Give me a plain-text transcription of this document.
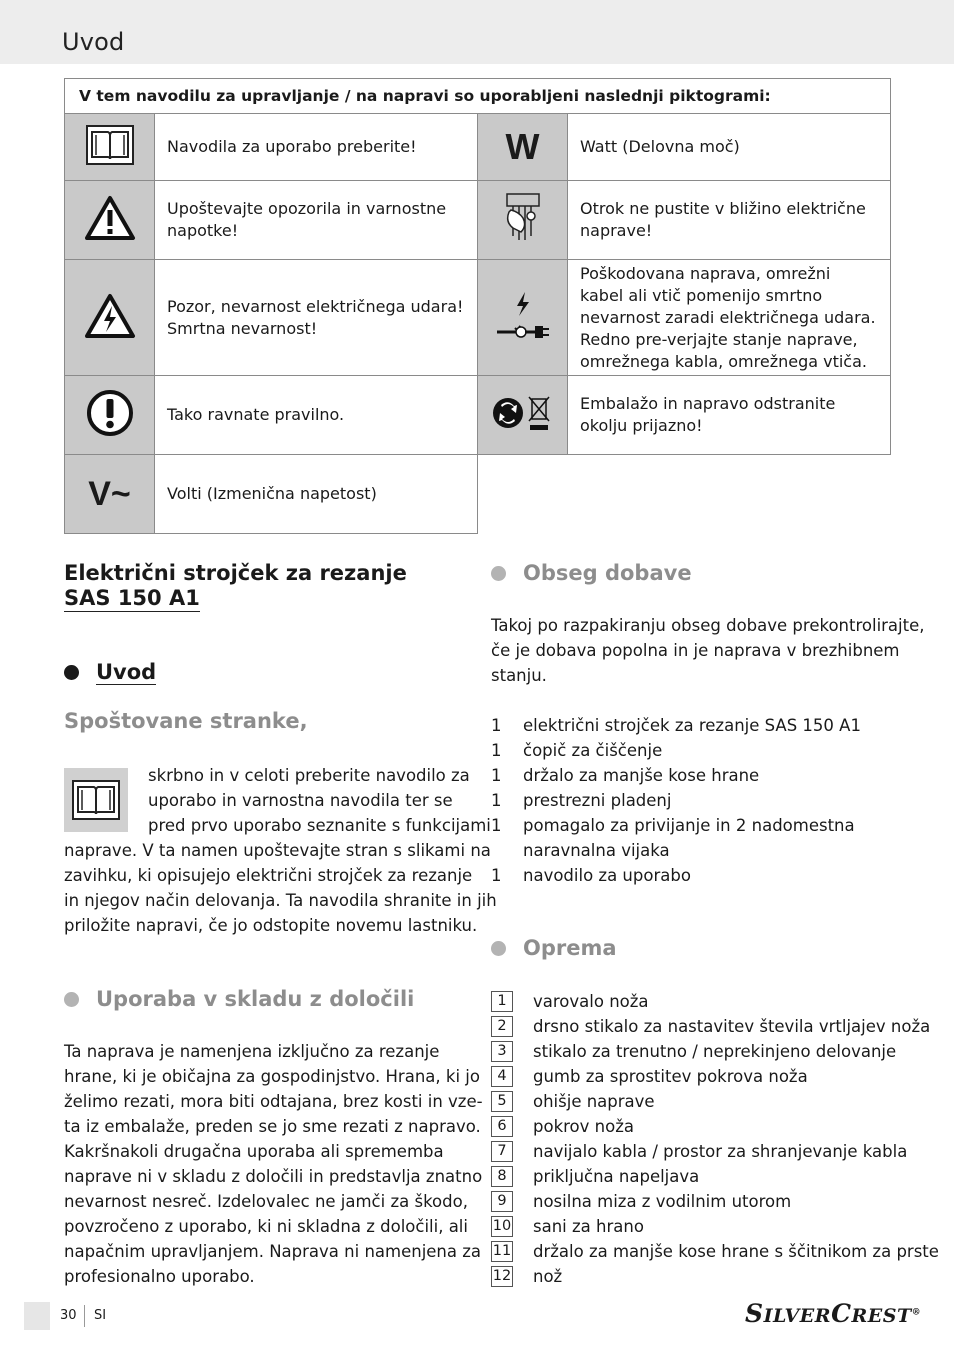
Uvod
V tem navodilu za upravljanje / na napravi so uporabljeni naslednji piktogrami:			
	Navodila za uporabo preberite!	W	Watt (Delovna moč)
	Upoštevajte opozorila in varnostne napotke!		Otrok ne pustite v bližino električne naprave!
	Pozor, nevarnost električnega udara! Smrtna nevarnost!		Poškodovana naprava, omrežni kabel ali vtič pomenijo smrtno nevarnost zaradi električnega udara. Redno pre-verjajte stanje naprave, omrežnega kabla, omrežnega vtiča.
	Tako ravnate pravilno.		Embalažo in napravo odstranite okolju prijazno!
V~	Volti (Izmenična napetost)		
Električni strojček za rezanje
SAS 150 A1
Uvod
Spoštovane stranke,

skrbno in v celoti preberite navodilo za
uporabo in varnostna navodila ter se
pred prvo uporabo seznanite s funkcijami

naprave. V ta namen upoštevajte stran s slikami na
zavihku, ki opisujejo električni strojček za rezanje
in njegov način delovanja. Ta navodila shranite in jih
priložite napravi, če jo odstopite novemu lastniku.

Uporaba v skladu z določili

Ta naprava je namenjena izključno za rezanje
hrane, ki je običajna za gospodinjstvo. Hrana, ki jo
želimo rezati, mora biti odtajana, brez kosti in vze-
ta iz embalaže, preden se jo sme rezati z napravo.
Kakršnakoli drugačna uporaba ali sprememba
naprave ni v skladu z določili in predstavlja znatno
nevarnost nesreč. Izdelovalec ne jamči za škodo,
povzročeno z uporabo, ki ni skladna z določili, ali
napačnim upravljanjem. Naprava ni namenjena za
profesionalno uporabo.

Obseg dobave

Takoj po razpakiranju obseg dobave prekontrolirajte,
če je dobava popolna in je naprava v brezhibnem
stanju.

1	električni strojček za rezanje SAS 150 A1
1	čopič za čiščenje
1	držalo za manjše kose hrane
1	prestrezni pladenj
1	pomagalo za privijanje in 2 nadomestna
naravnalna vijaka
1	navodilo za uporabo
Oprema
1	varovalo noža
2	drsno stikalo za nastavitev števila vrtljajev noža
3	stikalo za trenutno / neprekinjeno delovanje
4	gumb za sprostitev pokrova noža
5	ohišje naprave
6	pokrov noža
7	navijalo kabla / prostor za shranjevanje kabla
8	priključna napeljava
9	nosilna miza z vodilnim utorom
10 sani za hrano
11 držalo za manjše kose hrane s ščitnikom za prste
12 nož
30 SI	SILVERCREST®
